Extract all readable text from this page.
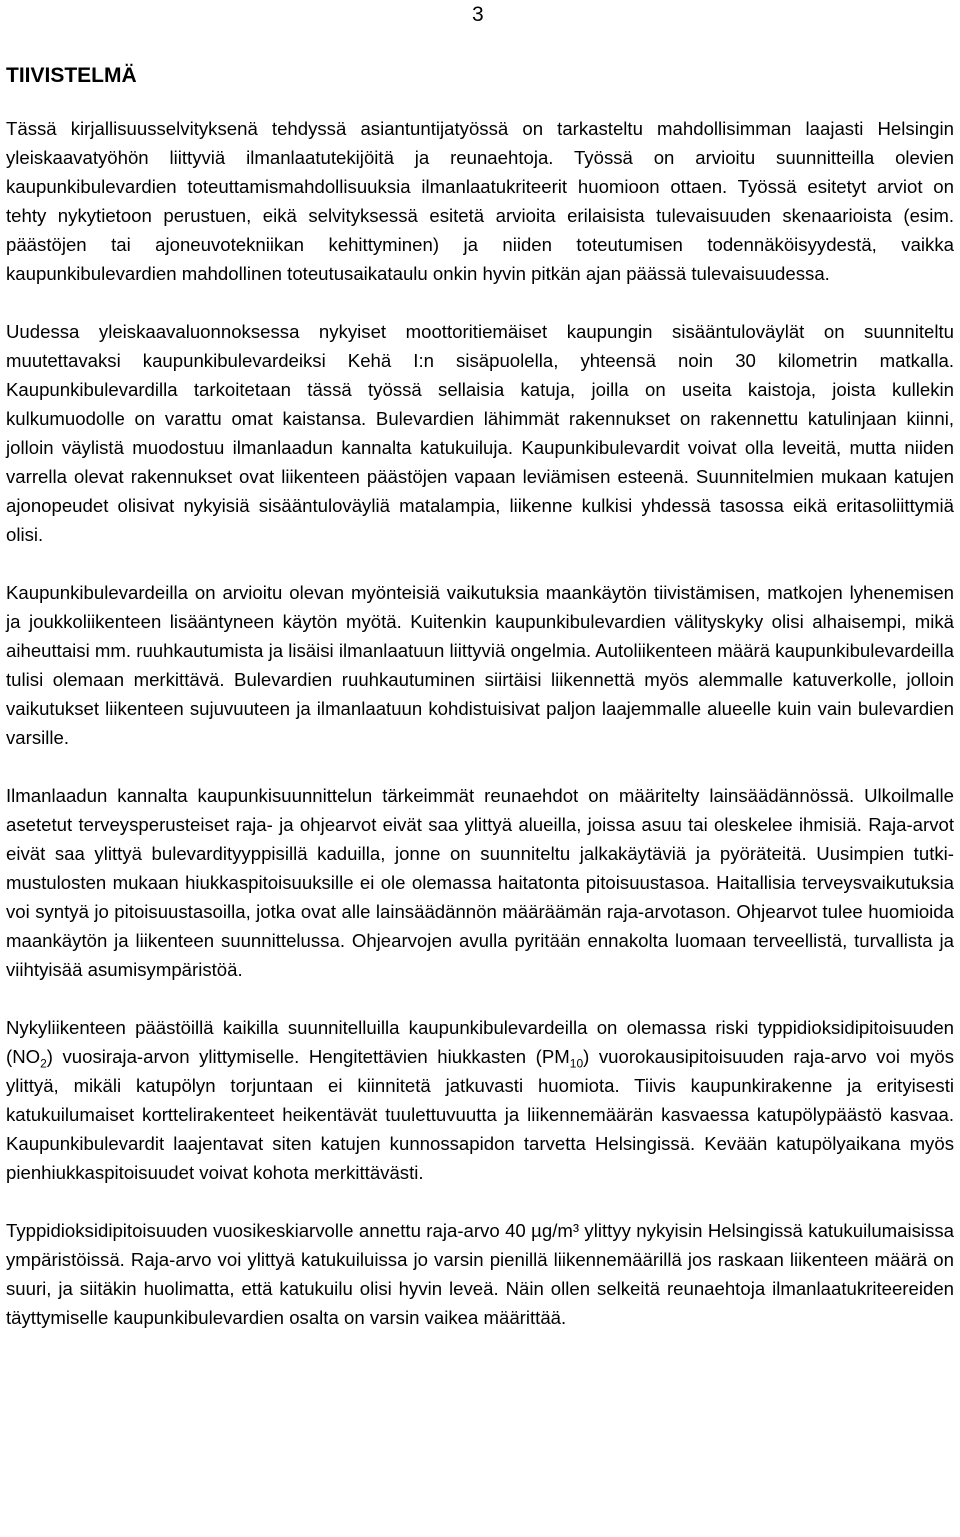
3
TIIVISTELMÄ

Tässä kirjallisuusselvityksenä tehdyssä asiantuntijatyössä on tarkasteltu mahdollisimman laajasti Helsingin yleiskaavatyöhön liittyviä ilmanlaatutekijöitä ja reunaehtoja. Työssä on arvioitu suunnitteilla olevien kaupunkibulevardien toteuttamismahdollisuuksia ilmanlaatukriteerit huomioon ottaen. Työssä esitetyt arviot on tehty nykytietoon perustuen, eikä selvityksessä esitetä arvioita erilaisista tulevaisuuden skenaarioista (esim. päästöjen tai ajoneuvotekniikan kehittyminen) ja niiden toteutumisen todennäköisyydestä, vaikka kaupunkibulevardien mahdollinen toteutusaikataulu onkin hyvin pitkän ajan päässä tulevaisuudessa.

Uudessa yleiskaavaluonnoksessa nykyiset moottoritiemäiset kaupungin sisääntuloväylät on suunniteltu muutettavaksi kaupunkibulevardeiksi Kehä I:n sisäpuolella, yhteensä noin 30 kilometrin matkalla. Kaupunkibulevardilla tarkoitetaan tässä työssä sellaisia katuja, joilla on useita kaistoja, joista kullekin kulkumuodolle on varattu omat kaistansa. Bulevardien lähimmät rakennukset on rakennettu katulinjaan kiinni, jolloin väylistä muodostuu ilmanlaadun kannalta katukuiluja. Kaupunkibulevardit voivat olla leveitä, mutta niiden varrella olevat rakennukset ovat liikenteen päästöjen vapaan leviämisen esteenä. Suunnitelmien mukaan katujen ajonopeudet olisivat nykyisiä sisääntuloväyliä matalampia, liikenne kulkisi yhdessä tasossa eikä eritasoliittymiä olisi.

Kaupunkibulevardeilla on arvioitu olevan myönteisiä vaikutuksia maankäytön tiivistämisen, matkojen lyhenemisen ja joukkoliikenteen lisääntyneen käytön myötä. Kuitenkin kaupunkibulevardien välityskyky olisi alhaisempi, mikä aiheuttaisi mm. ruuhkautumista ja lisäisi ilmanlaatuun liittyviä ongelmia. Autoliikenteen määrä kaupunkibulevardeilla tulisi olemaan merkittävä. Bulevardien ruuhkautuminen siirtäisi liikennettä myös alemmalle katuverkolle, jolloin vaikutukset liikenteen sujuvuuteen ja ilmanlaatuun kohdistuisivat paljon laajemmalle alueelle kuin vain bulevardien varsille.

Ilmanlaadun kannalta kaupunkisuunnittelun tärkeimmät reunaehdot on määritelty lainsäädännössä. Ulkoilmalle asetetut terveysperusteiset raja- ja ohjearvot eivät saa ylittyä alueilla, joissa asuu tai oleskelee ihmisiä. Raja-arvot eivät saa ylittyä bulevardityyppisillä kaduilla, jonne on suunniteltu jalkakäytäviä ja pyöräteitä. Uusimpien tutkimustulosten mukaan hiukkaspitoisuuksille ei ole olemassa haitatonta pitoisuustasoa. Haitallisia terveysvaikutuksia voi syntyä jo pitoisuustasoilla, jotka ovat alle lainsäädännön määräämän raja-arvotason. Ohjearvot tulee huomioida maankäytön ja liikenteen suunnittelussa. Ohjearvojen avulla pyritään ennakolta luomaan terveellistä, turvallista ja viihtyisää asumisympäristöä.

Nykyliikenteen päästöillä kaikilla suunnitelluilla kaupunkibulevardeilla on olemassa riski typpidioksidipitoisuuden $(NO_2)$ vuosiraja-arvon ylittymiselle. Hengitettävien hiukkasten $(PM_{10})$ vuorokausipitoisuuden raja-arvo voi myös ylittyä, mikäli katupölyn torjuntaan ei kiinnitetä jatkuvasti huomiota. Tiivis kaupunkirakenne ja erityisesti katukuilumaiset korttelirakenteet heikentävät tuulettuvuutta ja liikennemäärän kasvaessa katupölypäästö kasvaa. Kaupunkibulevardit laajentavat siten katujen kunnossapidon tarvetta Helsingissä. Kevään katupölyaikana myös pienhiukkaspitoisuudet voivat kohota merkittävästi.

Typpidioksidipitoisuuden vuosikeskiarvolle annettu raja-arvo 40 µg/m³ ylittyy nykyisin Helsingissä katukuilumaisissa ympäristöissä. Raja-arvo voi ylittyä katukuiluissa jo varsin pienillä liikennemäärillä jos raskaan liikenteen määrä on suuri, ja siitäkin huolimatta, että katukuilu olisi hyvin leveä. Näin ollen selkeitä reunaehtoja ilmanlaatukriteereiden täyttymiselle kaupunkibulevardien osalta on varsin vaikea määrittää.
